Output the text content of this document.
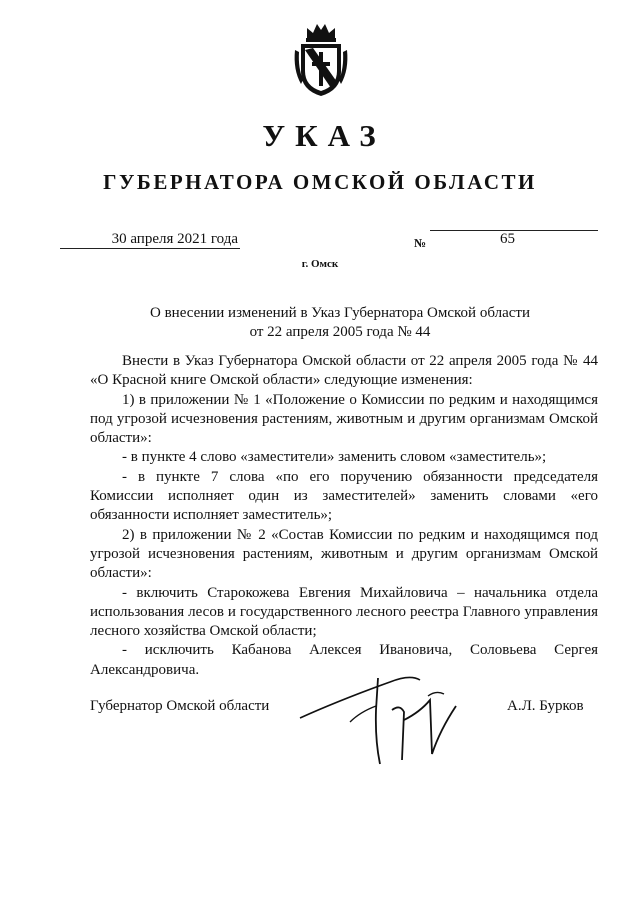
УКАЗ
ГУБЕРНАТОРА ОМСКОЙ ОБЛАСТИ
30 апреля 2021 года	№	65
г. Омск
О внесении изменений в Указ Губернатора Омской области
от 22 апреля 2005 года № 44

Внести в Указ Губернатора Омской области от 22 апреля 2005 года № 44 «О Красной книге Омской области» следующие изменения:

1) в приложении № 1 «Положение о Комиссии по редким и находящимся под угрозой исчезновения растениям, животным и другим организмам Омской области»:

- в пункте 4 слово «заместители» заменить словом «заместитель»;

- в пункте 7 слова «по его поручению обязанности председателя Комиссии исполняет один из заместителей» заменить словами «его обязанности исполняет заместитель»;

2) в приложении № 2 «Состав Комиссии по редким и находящимся под угрозой исчезновения растениям, животным и другим организмам Омской области»:

- включить Старокожева Евгения Михайловича – начальника отдела использования лесов и государственного лесного реестра Главного управления лесного хозяйства Омской области;

- исключить Кабанова Алексея Ивановича, Соловьева Сергея Александровича.

Губернатор Омской области	А.Л. Бурков
